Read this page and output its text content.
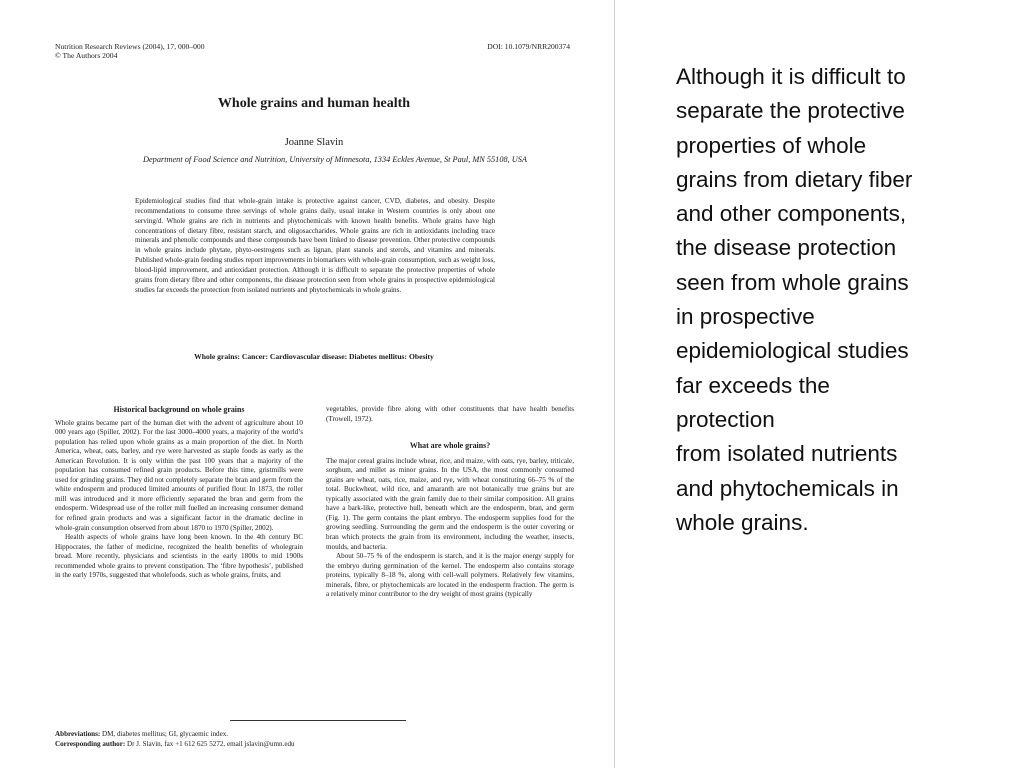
Nutrition Research Reviews (2004), 17, 000–000
© The Authors 2004
DOI: 10.1079/NRR200374
Whole grains and human health
Joanne Slavin
Department of Food Science and Nutrition, University of Minnesota, 1334 Eckles Avenue, St Paul, MN 55108, USA
Epidemiological studies find that whole-grain intake is protective against cancer, CVD, diabetes, and obesity. Despite recommendations to consume three servings of whole grains daily, usual intake in Western countries is only about one serving/d. Whole grains are rich in nutrients and phytochemicals with known health benefits. Whole grains have high concentrations of dietary fibre, resistant starch, and oligosaccharides. Whole grains are rich in antioxidants including trace minerals and phenolic compounds and these compounds have been linked to disease prevention. Other protective compounds in whole grains include phytate, phyto-oestrogens such as lignan, plant stanols and sterols, and vitamins and minerals. Published whole-grain feeding studies report improvements in biomarkers with whole-grain consumption, such as weight loss, blood-lipid improvement, and antioxidant protection. Although it is difficult to separate the protective properties of whole grains from dietary fibre and other components, the disease protection seen from whole grains in prospective epidemiological studies far exceeds the protection from isolated nutrients and phytochemicals in whole grains.
Whole grains: Cancer: Cardiovascular disease: Diabetes mellitus: Obesity
Historical background on whole grains

Whole grains became part of the human diet with the advent of agriculture about 10 000 years ago (Spiller, 2002). For the last 3000–4000 years, a majority of the world’s population has relied upon whole grains as a main proportion of the diet. In North America, wheat, oats, barley, and rye were harvested as staple foods as early as the American Revolution. It is only within the past 100 years that a majority of the population has consumed refined grain products. Before this time, gristmills were used for grinding grains. They did not completely separate the bran and germ from the white endosperm and produced limited amounts of purified flour. In 1873, the roller mill was introduced and it more efficiently separated the bran and germ from the endosperm. Widespread use of the roller mill fuelled an increasing consumer demand for refined grain products and was a significant factor in the dramatic decline in whole-grain consumption observed from about 1870 to 1970 (Spiller, 2002).

Health aspects of whole grains have long been known. In the 4th century BC Hippocrates, the father of medicine, recognized the health benefits of wholegrain bread. More recently, physicians and scientists in the early 1800s to mid 1900s recommended whole grains to prevent constipation. The ‘fibre hypothesis’, published in the early 1970s, suggested that wholefoods, such as whole grains, fruits, and

vegetables, provide fibre along with other constituents that have health benefits (Trowell, 1972).

What are whole grains?

The major cereal grains include wheat, rice, and maize, with oats, rye, barley, triticale, sorghum, and millet as minor grains. In the USA, the most commonly consumed grains are wheat, oats, rice, maize, and rye, with wheat constituting 66–75 % of the total. Buckwheat, wild rice, and amaranth are not botanically true grains but are typically associated with the grain family due to their similar composition. All grains have a bark-like, protective hull, beneath which are the endosperm, bran, and germ (Fig. 1). The germ contains the plant embryo. The endosperm supplies food for the growing seedling. Surrounding the germ and the endosperm is the outer covering or bran which protects the grain from its environment, including the weather, insects, moulds, and bacteria.

About 50–75 % of the endosperm is starch, and it is the major energy supply for the embryo during germination of the kernel. The endosperm also contains storage proteins, typically 8–18 %, along with cell-wall polymers. Relatively few vitamins, minerals, fibre, or phytochemicals are located in the endosperm fraction. The germ is a relatively minor contributor to the dry weight of most grains (typically

Abbreviations: DM, diabetes mellitus; GI, glycaemic index.
Corresponding author: Dr J. Slavin, fax +1 612 625 5272, email jslavin@umn.edu
Although it is difficult to
separate the protective
properties of whole
grains from dietary fiber
and other components,
the disease protection
seen from whole grains
in prospective
epidemiological studies
far exceeds the
protection
from isolated nutrients
and phytochemicals in
whole grains.
